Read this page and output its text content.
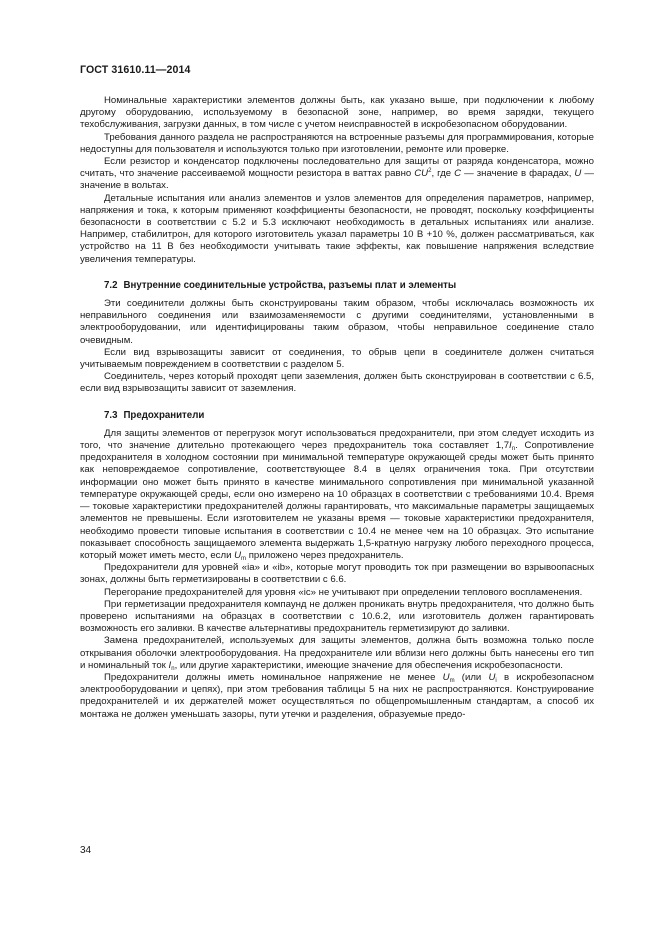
ГОСТ 31610.11—2014

Номинальные характеристики элементов должны быть, как указано выше, при подключении к любому другому оборудованию, используемому в безопасной зоне, например, во время зарядки, текущего техобслуживания, загрузки данных, в том числе с учетом неисправностей в искробезопасном оборудовании.

Требования данного раздела не распространяются на встроенные разъемы для программирования, которые недоступны для пользователя и используются только при изготовлении, ремонте или проверке.

Если резистор и конденсатор подключены последовательно для защиты от разряда конденсатора, можно считать, что значение рассеиваемой мощности резистора в ваттах равно $CU^2$, где C — значение в фарадах, U — значение в вольтах.

Детальные испытания или анализ элементов и узлов элементов для определения параметров, например, напряжения и тока, к которым применяют коэффициенты безопасности, не проводят, поскольку коэффициенты безопасности в соответствии с 5.2 и 5.3 исключают необходимость в детальных испытаниях или анализе. Например, стабилитрон, для которого изготовитель указал параметры 10 В +10 %, должен рассматриваться, как устройство на 11 В без необходимости учитывать такие эффекты, как повышение напряжения вследствие увеличения температуры.

7.2 Внутренние соединительные устройства, разъемы плат и элементы

Эти соединители должны быть сконструированы таким образом, чтобы исключалась возможность их неправильного соединения или взаимозаменяемости с другими соединителями, установленными в электрооборудовании, или идентифицированы таким образом, чтобы неправильное соединение стало очевидным.

Если вид взрывозащиты зависит от соединения, то обрыв цепи в соединителе должен считаться учитываемым повреждением в соответствии с разделом 5.

Соединитель, через который проходят цепи заземления, должен быть сконструирован в соответствии с 6.5, если вид взрывозащиты зависит от заземления.

7.3 Предохранители

Для защиты элементов от перегрузок могут использоваться предохранители, при этом следует исходить из того, что значение длительно протекающего через предохранитель тока составляет $1,7I_n$. Сопротивление предохранителя в холодном состоянии при минимальной температуре окружающей среды может быть принято как неповреждаемое сопротивление, соответствующее 8.4 в целях ограничения тока. При отсутствии информации оно может быть принято в качестве минимального сопротивления при минимальной указанной температуре окружающей среды, если оно измерено на 10 образцах в соответствии с требованиями 10.4. Время — токовые характеристики предохранителей должны гарантировать, что максимальные параметры защищаемых элементов не превышены. Если изготовителем не указаны время — токовые характеристики предохранителя, необходимо провести типовые испытания в соответствии с 10.4 не менее чем на 10 образцах. Это испытание показывает способность защищаемого элемента выдержать 1,5-кратную нагрузку любого переходного процесса, который может иметь место, если $U_m$ приложено через предохранитель.

Предохранители для уровней «ia» и «ib», которые могут проводить ток при размещении во взрывоопасных зонах, должны быть герметизированы в соответствии с 6.6.

Перегорание предохранителей для уровня «ic» не учитывают при определении теплового воспламенения.

При герметизации предохранителя компаунд не должен проникать внутрь предохранителя, что должно быть проверено испытаниями на образцах в соответствии с 10.6.2, или изготовитель должен гарантировать возможность его заливки. В качестве альтернативы предохранитель герметизируют до заливки.

Замена предохранителей, используемых для защиты элементов, должна быть возможна только после открывания оболочки электрооборудования. На предохранителе или вблизи него должны быть нанесены его тип и номинальный ток $I_n$, или другие характеристики, имеющие значение для обеспечения искробезопасности.

Предохранители должны иметь номинальное напряжение не менее $U_m$ (или $U_i$ в искробезопасном электрооборудовании и цепях), при этом требования таблицы 5 на них не распространяются. Конструирование предохранителей и их держателей может осуществляться по общепромышленным стандартам, а способ их монтажа не должен уменьшать зазоры, пути утечки и разделения, образуемые предо-

34
